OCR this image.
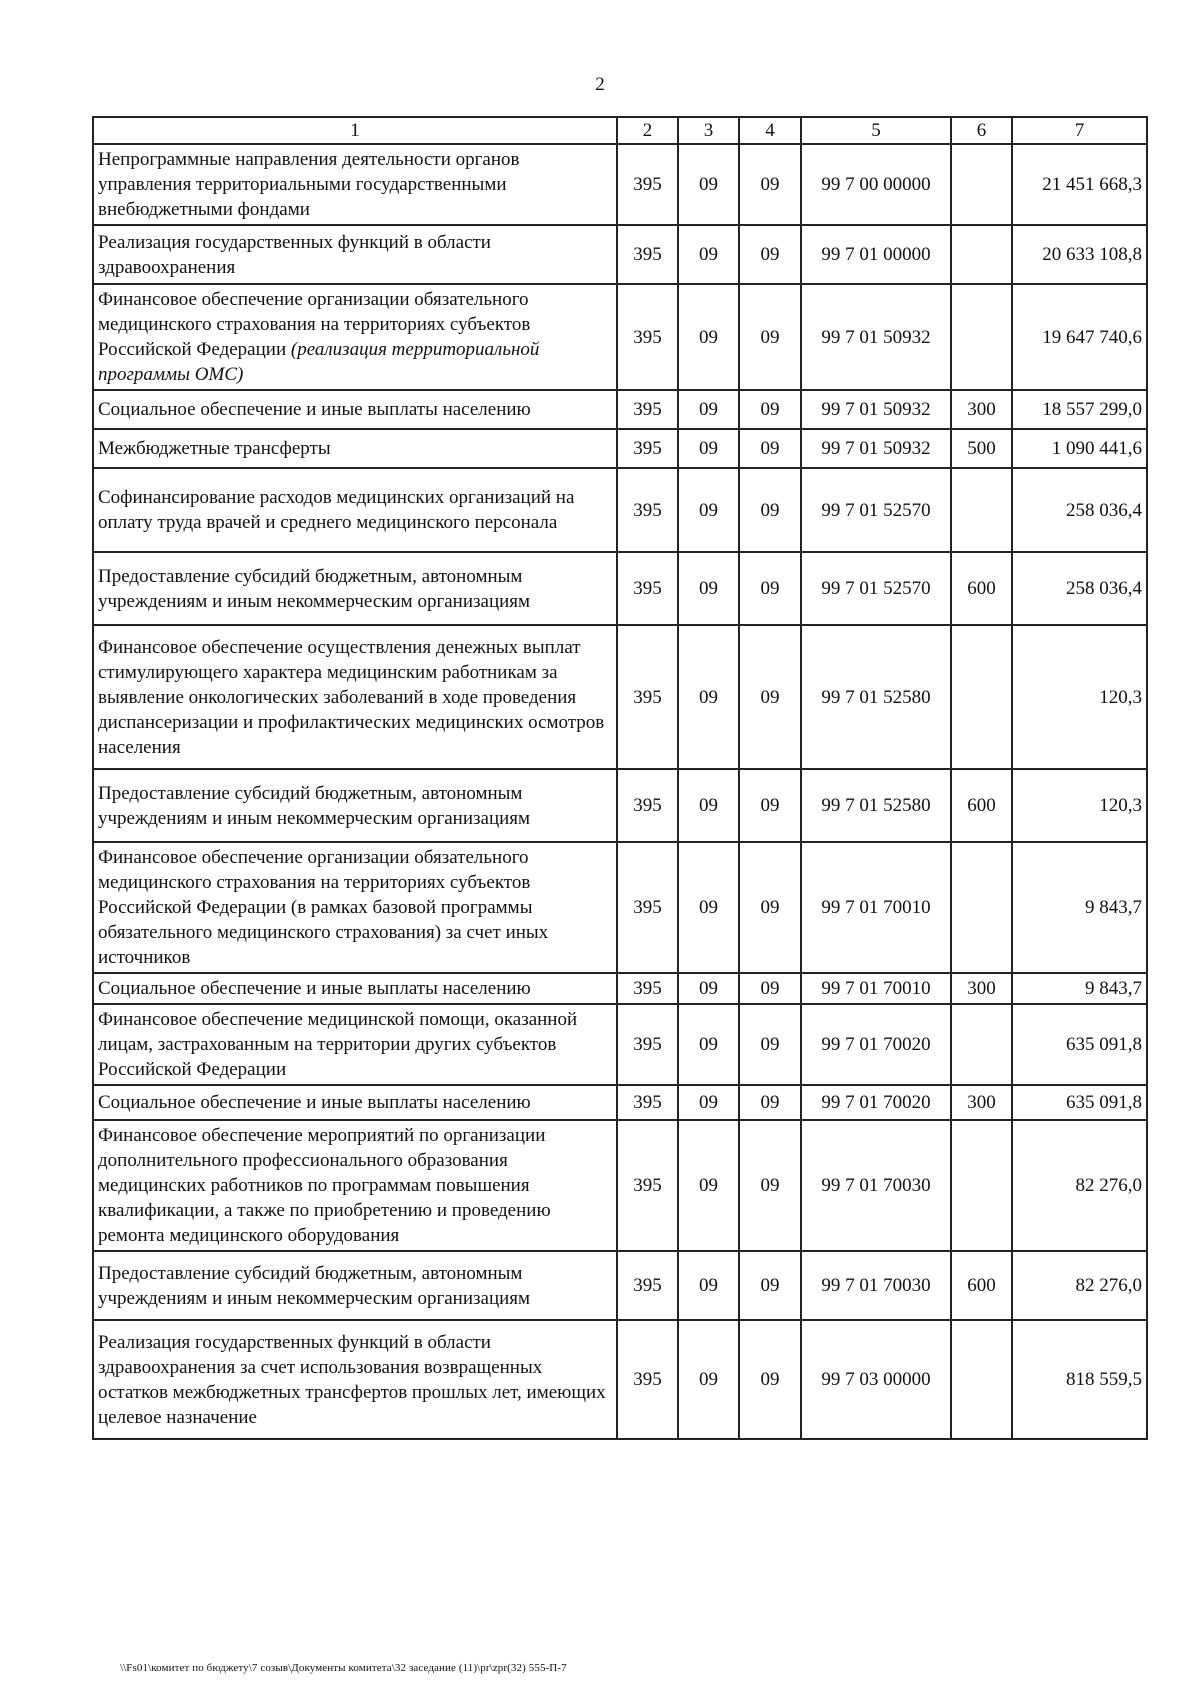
2
1	2	3	4	5	6	7
Непрограммные направления деятельности органов управления территориальными государственными внебюджетными фондами	395	09	09	99 7 00 00000		21 451 668,3
Реализация государственных функций в области здравоохранения	395	09	09	99 7 01 00000		20 633 108,8
Финансовое обеспечение организации обязательного медицинского страхования на территориях субъектов Российской Федерации (реализация территориальной программы ОМС)	395	09	09	99 7 01 50932		19 647 740,6
Социальное обеспечение и иные выплаты населению	395	09	09	99 7 01 50932	300	18 557 299,0
Межбюджетные трансферты	395	09	09	99 7 01 50932	500	1 090 441,6
Софинансирование расходов медицинских организаций на оплату труда врачей и среднего медицинского персонала	395	09	09	99 7 01 52570		258 036,4
Предоставление субсидий бюджетным, автономным учреждениям и иным некоммерческим организациям	395	09	09	99 7 01 52570	600	258 036,4
Финансовое обеспечение осуществления денежных выплат стимулирующего характера медицинским работникам за выявление онкологических заболеваний в ходе проведения диспансеризации и профилактических медицинских осмотров населения	395	09	09	99 7 01 52580		120,3
Предоставление субсидий бюджетным, автономным учреждениям и иным некоммерческим организациям	395	09	09	99 7 01 52580	600	120,3
Финансовое обеспечение организации обязательного медицинского страхования на территориях субъектов Российской Федерации (в рамках базовой программы обязательного медицинского страхования) за счет иных источников	395	09	09	99 7 01 70010		9 843,7
Социальное обеспечение и иные выплаты населению	395	09	09	99 7 01 70010	300	9 843,7
Финансовое обеспечение медицинской помощи, оказанной лицам, застрахованным на территории других субъектов Российской Федерации	395	09	09	99 7 01 70020		635 091,8
Социальное обеспечение и иные выплаты населению	395	09	09	99 7 01 70020	300	635 091,8
Финансовое обеспечение мероприятий по организации дополнительного профессионального образования медицинских работников по программам повышения квалификации, а также по приобретению и проведению ремонта медицинского оборудования	395	09	09	99 7 01 70030		82 276,0
Предоставление субсидий бюджетным, автономным учреждениям и иным некоммерческим организациям	395	09	09	99 7 01 70030	600	82 276,0
Реализация государственных функций в области здравоохранения за счет использования возвращенных остатков межбюджетных трансфертов прошлых лет, имеющих целевое назначение	395	09	09	99 7 03 00000		818 559,5
\\Fs01\комитет по бюджету\7 созыв\Документы комитета\32 заседание (11)\pr\zpr(32) 555-П-7
